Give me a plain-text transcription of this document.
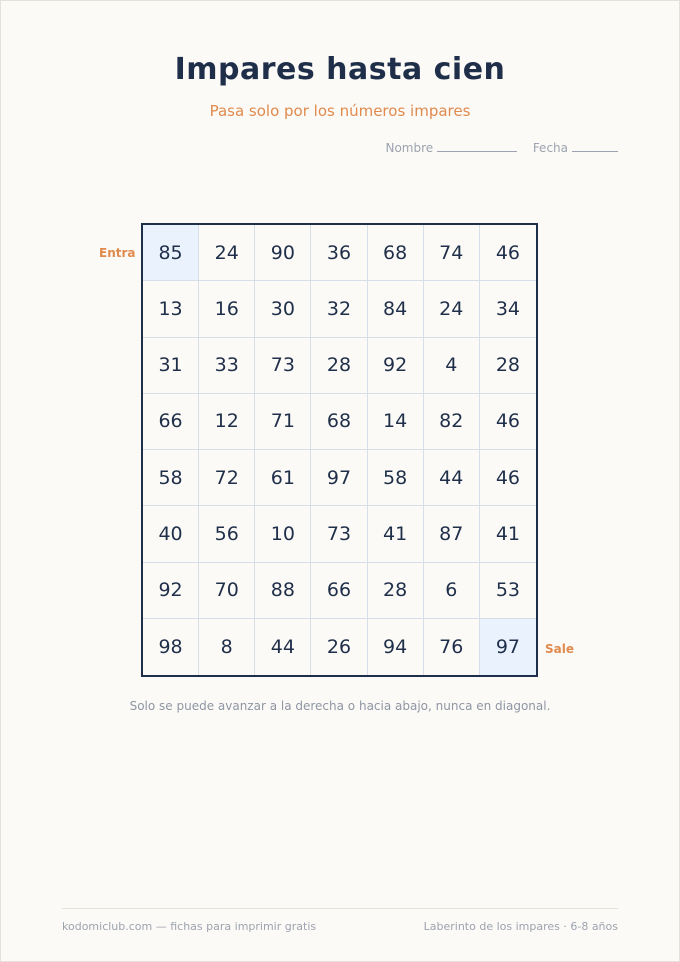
Impares hasta cien
Pasa solo por los números impares
Nombre	Fecha
Entra
Sale
85	24	90	36	68	74	46
13	16	30	32	84	24	34
31	33	73	28	92	4	28
66	12	71	68	14	82	46
58	72	61	97	58	44	46
40	56	10	73	41	87	41
92	70	88	66	28	6	53
98	8	44	26	94	76	97
Solo se puede avanzar a la derecha o hacia abajo, nunca en diagonal.
kodomiclub.com — fichas para imprimir gratis	Laberinto de los impares · 6-8 años
